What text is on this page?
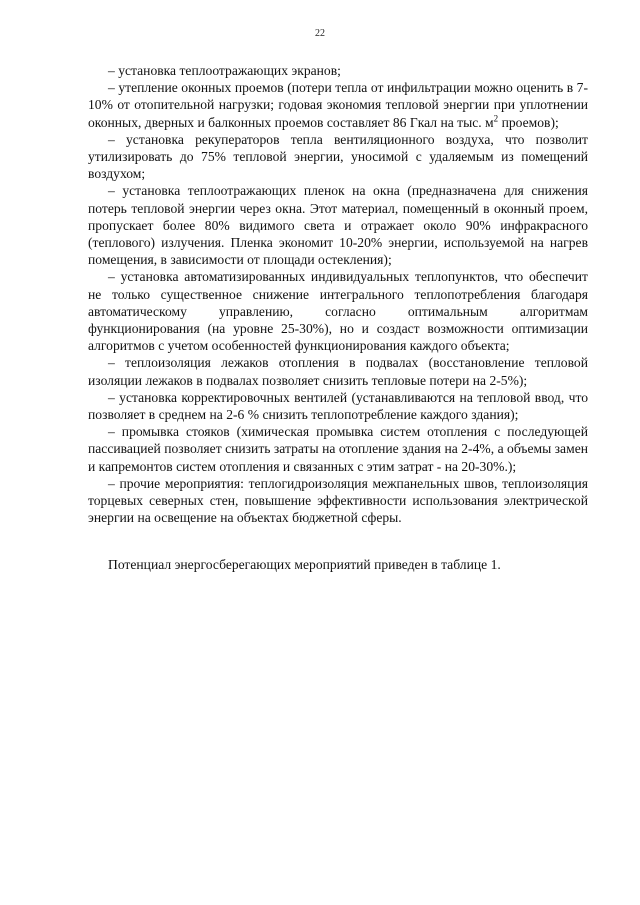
22

– установка теплоотражающих экранов;

– утепление оконных проемов (потери тепла от инфильтрации можно оценить в 7-10% от отопительной нагрузки; годовая экономия тепловой энергии при уплотнении оконных, дверных и балконных проемов составляет 86 Гкал на тыс. $м^2$ проемов);

– установка рекуператоров тепла вентиляционного воздуха, что позволит утилизировать до 75% тепловой энергии, уносимой с удаляемым из помещений воздухом;

– установка теплоотражающих пленок на окна (предназначена для снижения потерь тепловой энергии через окна. Этот материал, помещенный в оконный проем, пропускает более 80% видимого света и отражает около 90% инфракрасного (теплового) излучения. Пленка экономит 10-20% энергии, используемой на нагрев помещения, в зависимости от площади остекления);

– установка автоматизированных индивидуальных теплопунктов, что обеспечит не только существенное снижение интегрального теплопотребления благодаря автоматическому управлению, согласно оптимальным алгоритмам функционирования (на уровне 25-30%), но и создаст возможности оптимизации алгоритмов с учетом особенностей функционирования каждого объекта;

– теплоизоляция лежаков отопления в подвалах (восстановление тепловой изоляции лежаков в подвалах позволяет снизить тепловые потери на 2-5%);

– установка корректировочных вентилей (устанавливаются на тепловой ввод, что позволяет в среднем на 2-6 % снизить теплопотребление каждого здания);

– промывка стояков (химическая промывка систем отопления с последующей пассивацией позволяет снизить затраты на отопление здания на 2-4%, а объемы замен и капремонтов систем отопления и связанных с этим затрат - на 20-30%.);

– прочие мероприятия: теплогидроизоляция межпанельных швов, теплоизоляция торцевых северных стен, повышение эффективности использования электрической энергии на освещение на объектах бюджетной сферы.

Потенциал энергосберегающих мероприятий приведен в таблице 1.
